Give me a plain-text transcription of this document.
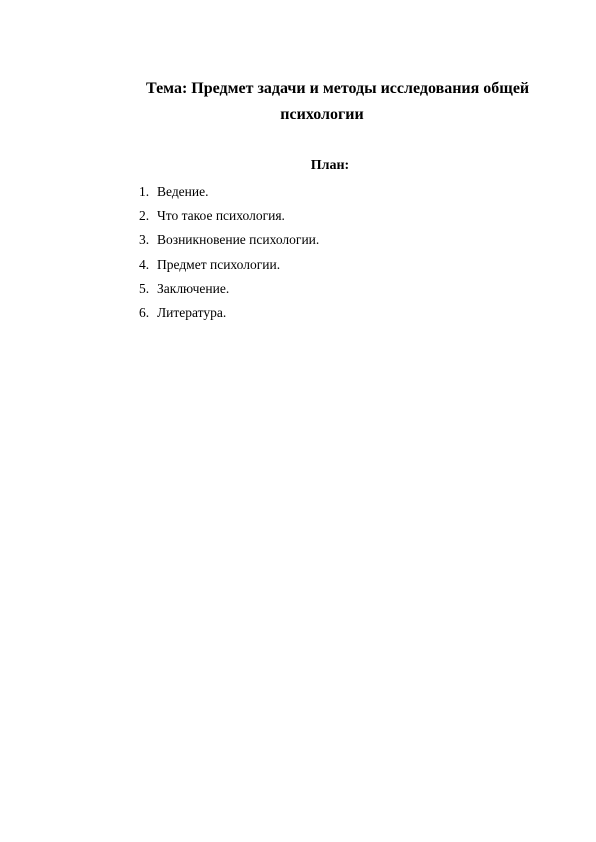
Тема: Предмет задачи и методы исследования общей
психологии
План:
1. Ведение.
2. Что такое психология.
3. Возникновение психологии.
4. Предмет психологии.
5. Заключение.
6. Литература.
